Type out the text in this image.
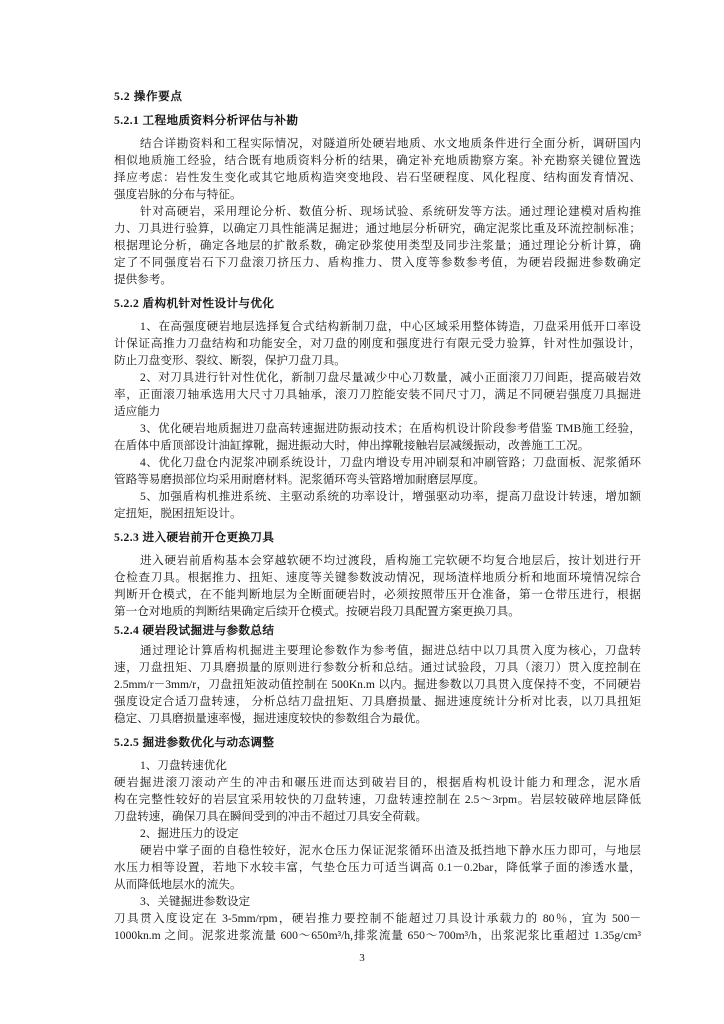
5.2 操作要点
5.2.1 工程地质资料分析评估与补勘
结合详勘资料和工程实际情况，对隧道所处硬岩地质、水文地质条件进行全面分析，调研国内
相似地质施工经验，结合既有地质资料分析的结果，确定补充地质勘察方案。补充勘察关键位置选
择应考虑：岩性发生变化或其它地质构造突变地段、岩石坚硬程度、风化程度、结构面发育情况、
强度岩脉的分布与特征。
针对高硬岩，采用理论分析、数值分析、现场试验、系统研发等方法。通过理论建模对盾构推
力、刀具进行验算，以确定刀具性能满足掘进；通过地层分析研究，确定泥浆比重及环流控制标准；
根据理论分析，确定各地层的扩散系数，确定砂浆使用类型及同步注浆量；通过理论分析计算，确
定了不同强度岩石下刀盘滚刀挤压力、盾构推力、贯入度等参数参考值，为硬岩段掘进参数确定
提供参考。
5.2.2 盾构机针对性设计与优化
1、在高强度硬岩地层选择复合式结构新制刀盘，中心区域采用整体铸造，刀盘采用低开口率设
计保证高推力刀盘结构和功能安全，对刀盘的刚度和强度进行有限元受力验算，针对性加强设计，
防止刀盘变形、裂纹、断裂，保护刀盘刀具。
2、对刀具进行针对性优化，新制刀盘尽量减少中心刀数量，减小正面滚刀刀间距，提高破岩效
率，正面滚刀轴承选用大尺寸刀具轴承，滚刀刀腔能安装不同尺寸刀，满足不同硬岩强度刀具掘进
适应能力
3、优化硬岩地质掘进刀盘高转速掘进防振动技术；在盾构机设计阶段参考借鉴 TMB施工经验，
在盾体中盾顶部设计油缸撑靴，掘进振动大时，伸出撑靴接触岩层减缓振动，改善施工工况。
4、优化刀盘仓内泥浆冲刷系统设计，刀盘内增设专用冲刷泵和冲刷管路；刀盘面板、泥浆循环
管路等易磨损部位均采用耐磨材料。泥浆循环弯头管路增加耐磨层厚度。
5、加强盾构机推进系统、主驱动系统的功率设计，增强驱动功率，提高刀盘设计转速，增加额
定扭矩，脱困扭矩设计。
5.2.3 进入硬岩前开仓更换刀具
进入硬岩前盾构基本会穿越软硬不均过渡段，盾构施工完软硬不均复合地层后，按计划进行开
仓检查刀具。根据推力、扭矩、速度等关键参数波动情况，现场渣样地质分析和地面环境情况综合
判断开仓模式，在不能判断地层为全断面硬岩时，必须按照带压开仓准备，第一仓带压进行，根据
第一仓对地质的判断结果确定后续开仓模式。按硬岩段刀具配置方案更换刀具。
5.2.4 硬岩段试掘进与参数总结
通过理论计算盾构机掘进主要理论参数作为参考值，掘进总结中以刀具贯入度为核心，刀盘转
速，刀盘扭矩、刀具磨损量的原则进行参数分析和总结。通过试验段，刀具（滚刀）贯入度控制在
2.5mm/r－3mm/r，刀盘扭矩波动值控制在 500Kn.m 以内。掘进参数以刀具贯入度保持不变，不同硬岩
强度设定合适刀盘转速， 分析总结刀盘扭矩、刀具磨损量、掘进速度统计分析对比表，以刀具扭矩
稳定、刀具磨损量速率慢，掘进速度较快的参数组合为最优。
5.2.5 掘进参数优化与动态调整
1、刀盘转速优化
硬岩掘进滚刀滚动产生的冲击和碾压进而达到破岩目的，根据盾构机设计能力和理念，泥水盾
构在完整性较好的岩层宜采用较快的刀盘转速，刀盘转速控制在 2.5～3rpm。岩层较破碎地层降低
刀盘转速，确保刀具在瞬间受到的冲击不超过刀具安全荷载。
2、掘进压力的设定
硬岩中掌子面的自稳性较好，泥水仓压力保证泥浆循环出渣及抵挡地下静水压力即可，与地层
水压力相等设置，若地下水较丰富，气垫仓压力可适当调高 0.1－0.2bar，降低掌子面的渗透水量，
从而降低地层水的流失。
3、关键掘进参数设定
刀具贯入度设定在 3-5mm/rpm，硬岩推力要控制不能超过刀具设计承载力的 80％，宜为 500－
1000kn.m 之间。泥浆进浆流量 600～650m³/h,排浆流量 650～700m³/h，出浆泥浆比重超过 1.35g/cm³
3
